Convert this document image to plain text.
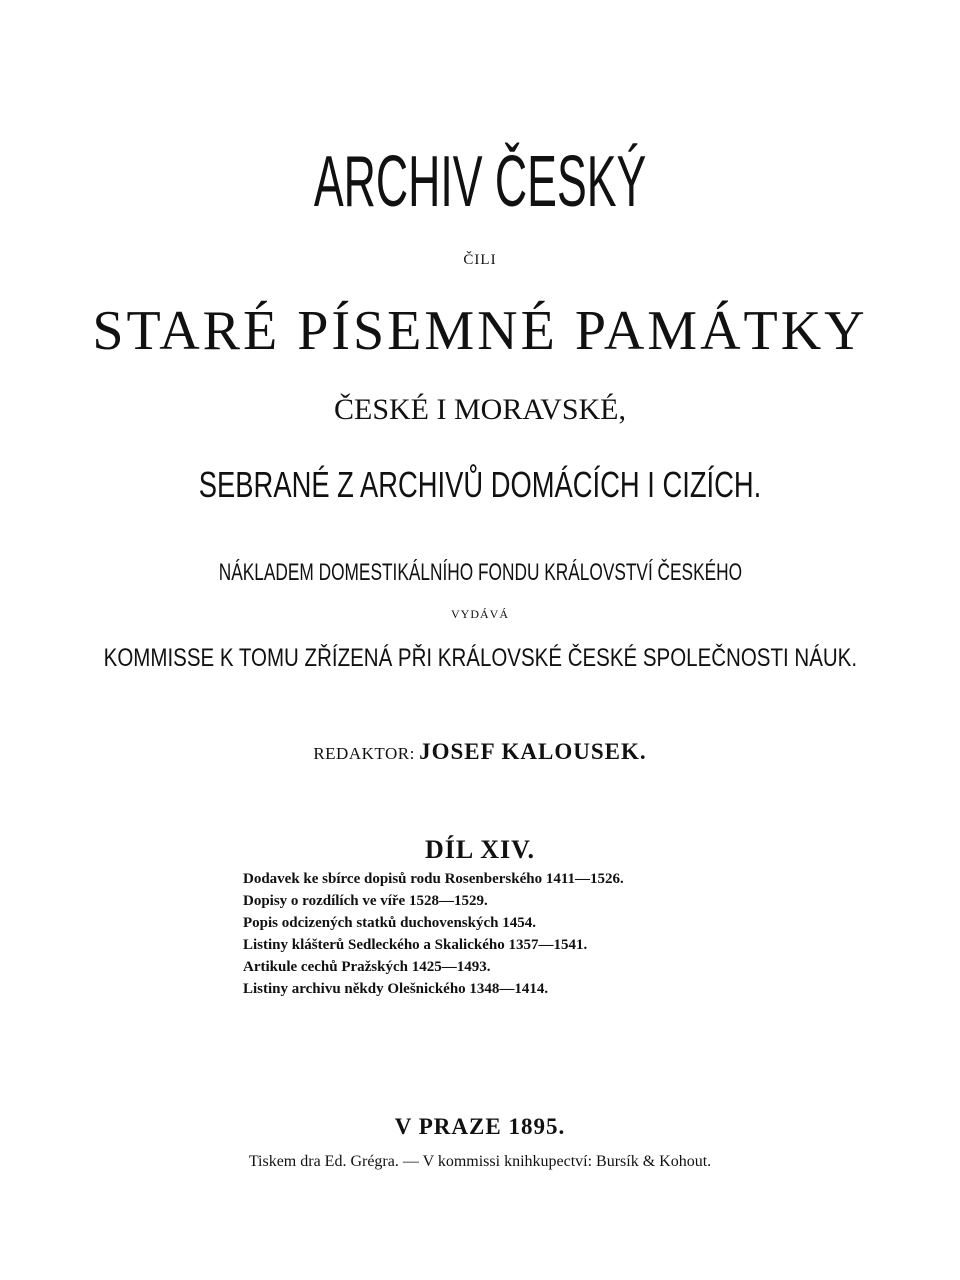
ARCHIV ČESKÝ
ČILI
STARÉ PÍSEMNÉ PAMÁTKY
ČESKÉ I MORAVSKÉ,
SEBRANÉ Z ARCHIVŮ DOMÁCÍCH I CIZÍCH.
NÁKLADEM DOMESTIKÁLNÍHO FONDU KRÁLOVSTVÍ ČESKÉHO
VYDÁVÁ
KOMMISSE K TOMU ZŘÍZENÁ PŘI KRÁLOVSKÉ ČESKÉ SPOLEČNOSTI NÁUK.
REDAKTOR: JOSEF KALOUSEK.
DÍL XIV.
Dodavek ke sbírce dopisů rodu Rosenberského 1411—1526.
Dopisy o rozdílích ve víře 1528—1529.
Popis odcizených statků duchovenských 1454.
Listiny klášterů Sedleckého a Skalického 1357—1541.
Artikule cechů Pražských 1425—1493.
Listiny archivu někdy Olešnického 1348—1414.
V PRAZE 1895.
Tiskem dra Ed. Grégra. — V kommissi knihkupectví: Bursík & Kohout.
